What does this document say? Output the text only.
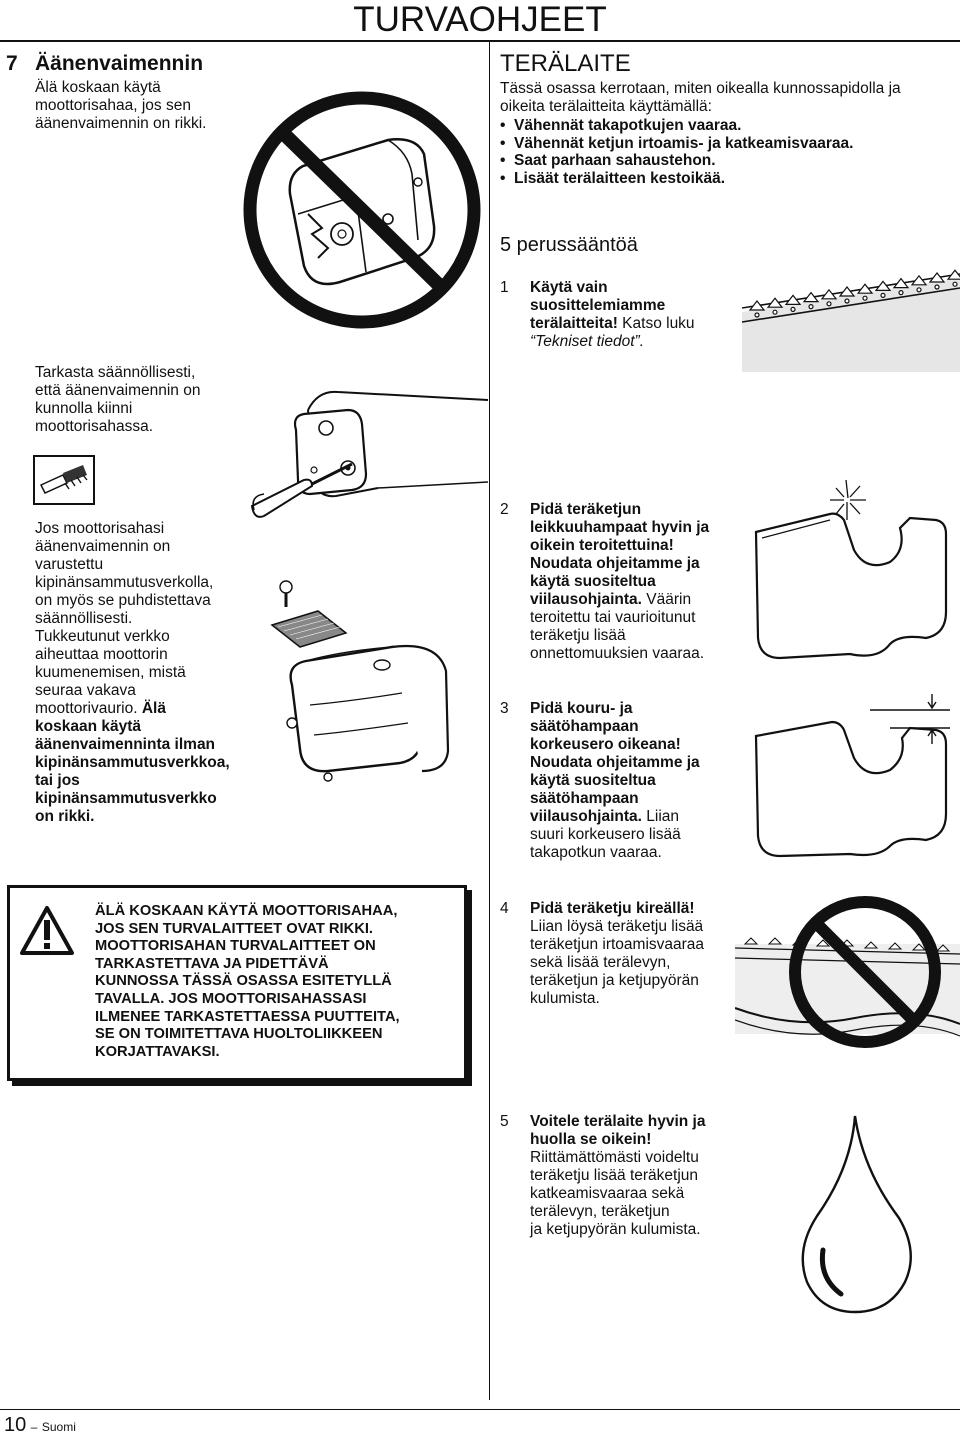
TURVAOHJEET
7 Äänenvaimennin
Älä koskaan käytä
moottorisahaa, jos sen
äänenvaimennin on rikki.
Tarkasta säännöllisesti,
että äänenvaimennin on
kunnolla kiinni
moottorisahassa.
Jos moottorisahasi
äänenvaimennin on
varustettu
kipinänsammutusverkolla,
on myös se puhdistettava
säännöllisesti.
Tukkeutunut verkko
aiheuttaa moottorin
kuumenemisen, mistä
seuraa vakava
moottorivaurio. Älä
koskaan käytä
äänenvaimenninta ilman
kipinänsammutusverkkoa,
tai jos
kipinänsammutusverkko
on rikki.
ÄLÄ KOSKAAN KÄYTÄ MOOTTORISAHAA,
JOS SEN TURVALAITTEET OVAT RIKKI.
MOOTTORISAHAN TURVALAITTEET ON
TARKASTETTAVA JA PIDETTÄVÄ
KUNNOSSA TÄSSÄ OSASSA ESITETYLLÄ
TAVALLA. JOS MOOTTORISAHASSASI
ILMENEE TARKASTETTAESSA PUUTTEITA,
SE ON TOIMITETTAVA HUOLTOLIIKKEEN
KORJATTAVAKSI.
TERÄLAITE
Tässä osassa kerrotaan, miten oikealla kunnossapidolla ja
oikeita terälaitteita käyttämällä:
• Vähennät takapotkujen vaaraa.
• Vähennät ketjun irtoamis- ja katkeamisvaaraa.
• Saat parhaan sahaustehon.
• Lisäät terälaitteen kestoikää.
5 perussääntöä
1	Käytä vain
suosittelemiamme
terälaitteita! Katso luku
“Tekniset tiedot”.
2	Pidä teräketjun
leikkuuhampaat hyvin ja
oikein teroitettuina!
Noudata ohjeitamme ja
käytä suositeltua
viilausohjainta. Väärin
teroitettu tai vaurioitunut
teräketju lisää
onnettomuuksien vaaraa.
3	Pidä kouru- ja
säätöhampaan
korkeusero oikeana!
Noudata ohjeitamme ja
käytä suositeltua
säätöhampaan
viilausohjainta. Liian
suuri korkeusero lisää
takapotkun vaaraa.
4	Pidä teräketju kireällä!
Liian löysä teräketju lisää
teräketjun irtoamisvaaraa
sekä lisää terälevyn,
teräketjun ja ketjupyörän
kulumista.
5	Voitele terälaite hyvin ja
huolla se oikein!
Riittämättömästi voideltu
teräketju lisää teräketjun
katkeamisvaaraa sekä
terälevyn, teräketjun
ja ketjupyörän kulumista.
10 – Suomi
